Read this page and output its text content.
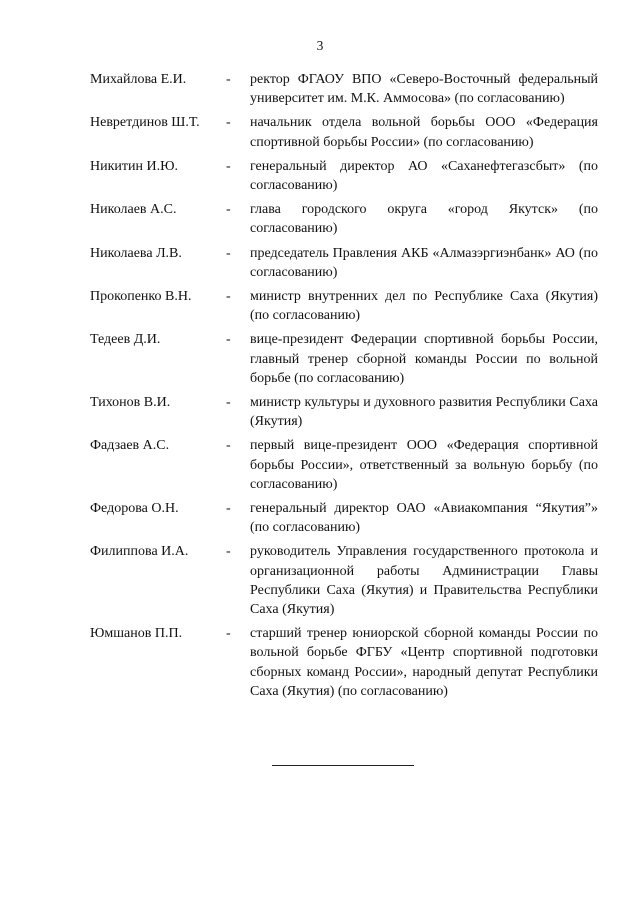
3
Михайлова Е.И.	- ректор ФГАОУ ВПО «Северо-Восточный федеральный университет им. М.К. Аммосова» (по согласованию)
Невретдинов Ш.Т. - начальник отдела вольной борьбы ООО «Федерация спортивной борьбы России» (по согласованию)
Никитин И.Ю.	- генеральный директор АО «Саханефтегазсбыт» (по согласованию)
Николаев А.С.	- глава городского округа «город Якутск» (по согласованию)
Николаева Л.В.	- председатель Правления АКБ «Алмазэргиэнбанк» АО (по согласованию)
Прокопенко В.Н. - министр внутренних дел по Республике Саха (Якутия) (по согласованию)
Тедеев Д.И.	- вице-президент Федерации спортивной борьбы России, главный тренер сборной команды России по вольной борьбе (по согласованию)
Тихонов В.И.	- министр культуры и духовного развития Республики Саха (Якутия)
Фадзаев А.С.	- первый вице-президент ООО «Федерация спортивной борьбы России», ответственный за вольную борьбу (по согласованию)
Федорова О.Н.	- генеральный директор ОАО «Авиакомпания “Якутия”» (по согласованию)
Филиппова И.А.	- руководитель Управления государственного протокола и организационной работы Администрации Главы Республики Саха (Якутия) и Правительства Республики Саха (Якутия)
Юмшанов П.П.	- старший тренер юниорской сборной команды России по вольной борьбе ФГБУ «Центр спортивной подготовки сборных команд России», народный депутат Республики Саха (Якутия) (по согласованию)
